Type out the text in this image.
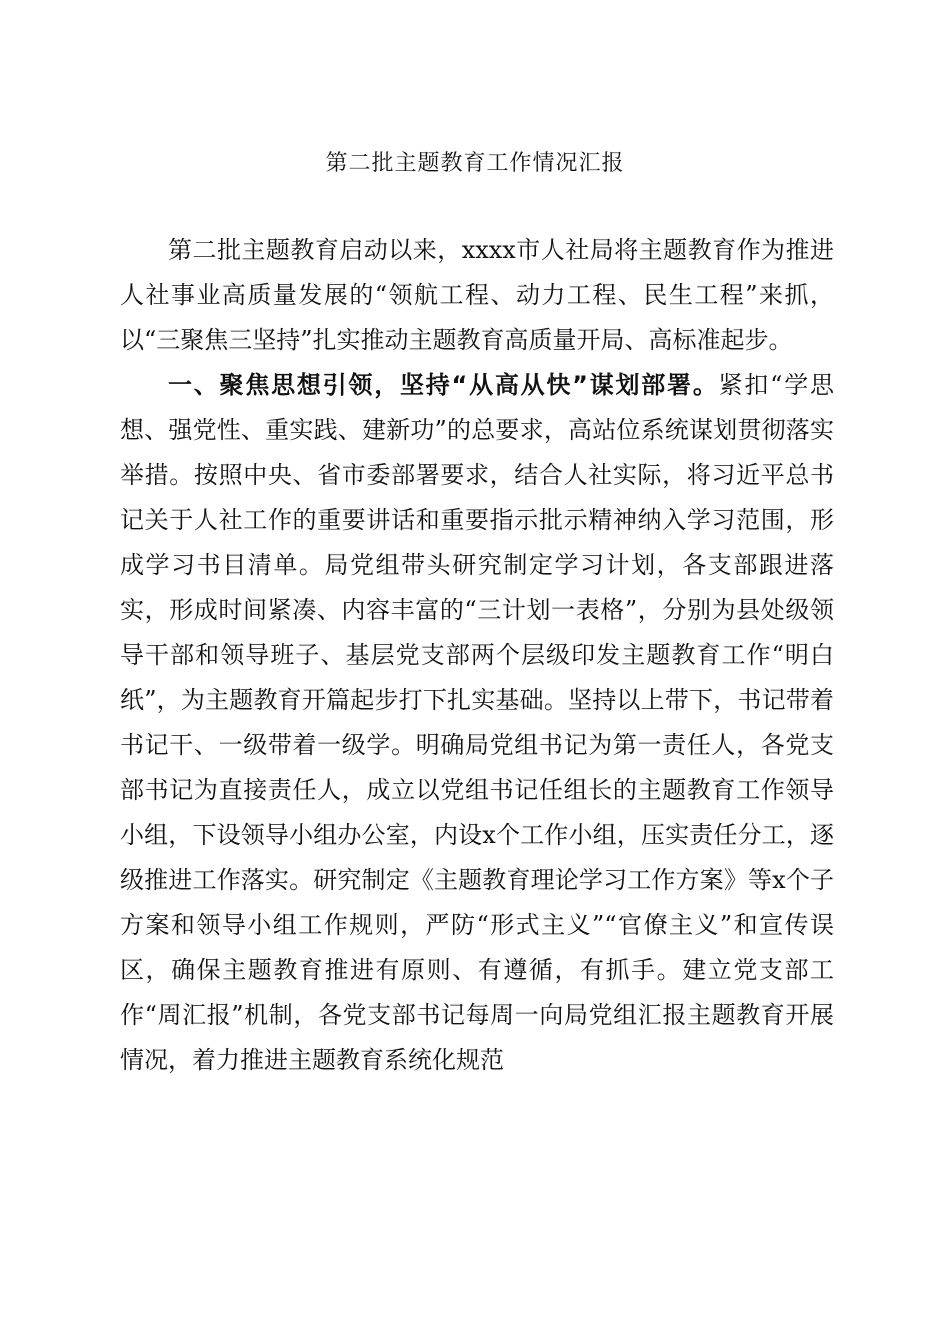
第二批主题教育工作情况汇报

第二批主题教育启动以来，xxxx市人社局将主题教育作为推进人社事业高质量发展的“领航工程、动力工程、民生工程”来抓，以“三聚焦三坚持”扎实推动主题教育高质量开局、高标准起步。

一、聚焦思想引领，坚持“从高从快”谋划部署。紧扣“学思想、强党性、重实践、建新功”的总要求，高站位系统谋划贯彻落实举措。按照中央、省市委部署要求，结合人社实际，将习近平总书记关于人社工作的重要讲话和重要指示批示精神纳入学习范围，形成学习书目清单。局党组带头研究制定学习计划，各支部跟进落实，形成时间紧凑、内容丰富的“三计划一表格”，分别为县处级领导干部和领导班子、基层党支部两个层级印发主题教育工作“明白纸”，为主题教育开篇起步打下扎实基础。坚持以上带下，书记带着书记干、一级带着一级学。明确局党组书记为第一责任人，各党支部书记为直接责任人，成立以党组书记任组长的主题教育工作领导小组，下设领导小组办公室，内设x个工作小组，压实责任分工，逐级推进工作落实。研究制定《主题教育理论学习工作方案》等x个子方案和领导小组工作规则，严防“形式主义”“官僚主义”和宣传误区，确保主题教育推进有原则、有遵循，有抓手。建立党支部工作“周汇报”机制，各党支部书记每周一向局党组汇报主题教育开展情况，着力推进主题教育系统化规范
